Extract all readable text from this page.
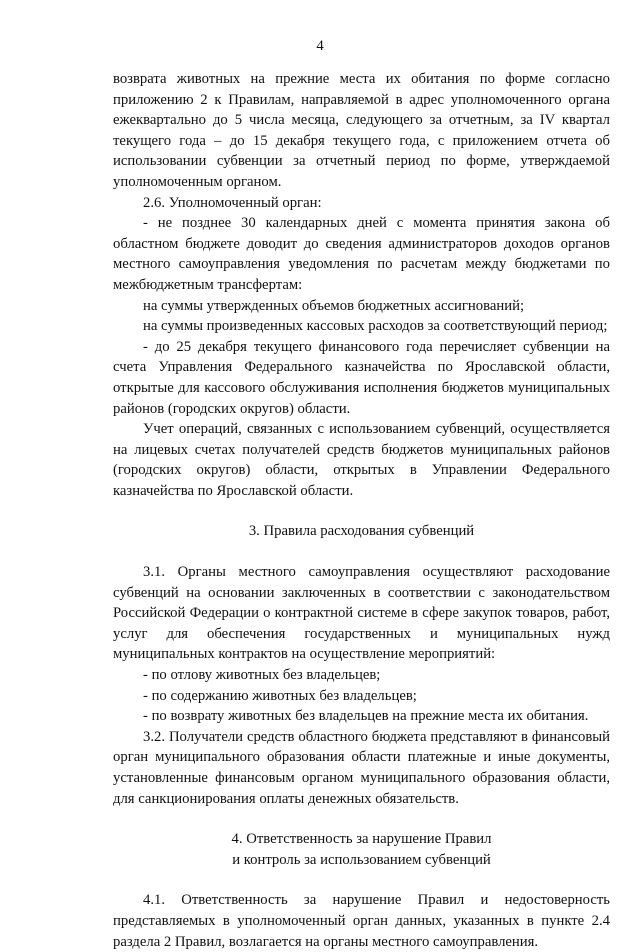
4

возврата животных на прежние места их обитания по форме согласно приложению 2 к Правилам, направляемой в адрес уполномоченного органа ежеквартально до 5 числа месяца, следующего за отчетным, за IV квартал текущего года – до 15 декабря текущего года, с приложением отчета об использовании субвенции за отчетный период по форме, утверждаемой уполномоченным органом.

2.6. Уполномоченный орган:

- не позднее 30 календарных дней с момента принятия закона об областном бюджете доводит до сведения администраторов доходов органов местного самоуправления уведомления по расчетам между бюджетами по межбюджетным трансфертам:

на суммы утвержденных объемов бюджетных ассигнований;

на суммы произведенных кассовых расходов за соответствующий период;

- до 25 декабря текущего финансового года перечисляет субвенции на счета Управления Федерального казначейства по Ярославской области, открытые для кассового обслуживания исполнения бюджетов муниципальных районов (городских округов) области.

Учет операций, связанных с использованием субвенций, осуществляется на лицевых счетах получателей средств бюджетов муниципальных районов (городских округов) области, открытых в Управлении Федерального казначейства по Ярославской области.

3. Правила расходования субвенций

3.1. Органы местного самоуправления осуществляют расходование субвенций на основании заключенных в соответствии с законодательством Российской Федерации о контрактной системе в сфере закупок товаров, работ, услуг для обеспечения государственных и муниципальных нужд муниципальных контрактов на осуществление мероприятий:

- по отлову животных без владельцев;

- по содержанию животных без владельцев;

- по возврату животных без владельцев на прежние места их обитания.

3.2. Получатели средств областного бюджета представляют в финансовый орган муниципального образования области платежные и иные документы, установленные финансовым органом муниципального образования области, для санкционирования оплаты денежных обязательств.

4. Ответственность за нарушение Правил

и контроль за использованием субвенций

4.1. Ответственность за нарушение Правил и недостоверность представляемых в уполномоченный орган данных, указанных в пункте 2.4 раздела 2 Правил, возлагается на органы местного самоуправления.
